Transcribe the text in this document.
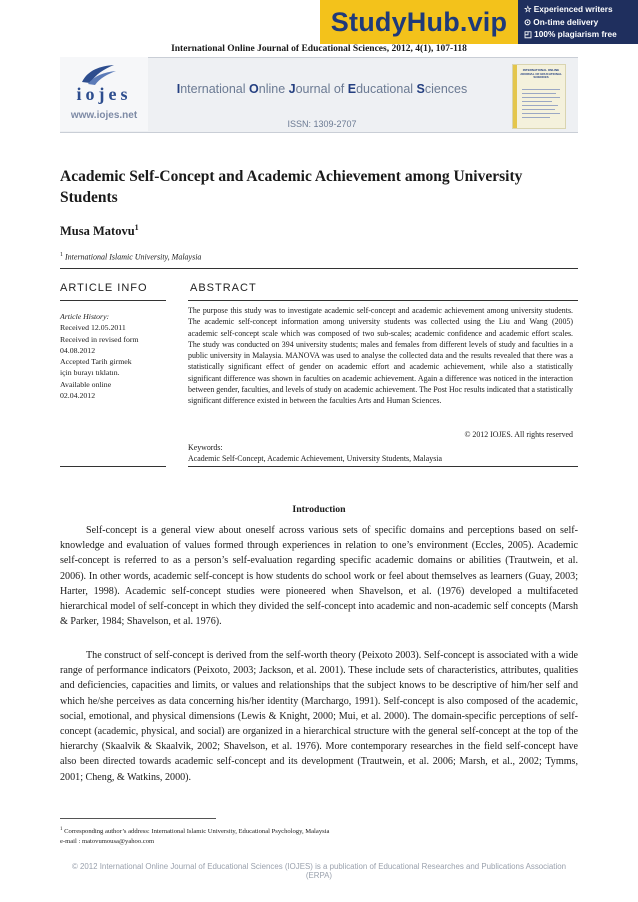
StudyHub.vip ☆ Experienced writers
⊙ On-time delivery
◰ 100% plagiarism free
International Online Journal of Educational Sciences, 2012, 4(1), 107-118
iojes
www.iojes.net
International Online Journal of Educational Sciences
ISSN: 1309-2707
INTERNATIONAL ONLINE JOURNAL OF EDUCATIONAL SCIENCES
Academic Self-Concept and Academic Achievement among University Students
Musa Matovu$^1$
$^1$ International Islamic University, Malaysia
ARTICLE INFO	ABSTRACT
Article History:
Received 12.05.2011
Received in revised form
04.08.2012
Accepted Tarih girmek
için burayı tıklatın.
Available online
02.04.2012
The purpose this study was to investigate academic self-concept and academic achievement among university students. The academic self-concept information among university students was collected using the Liu and Wang (2005) academic self-concept scale which was composed of two sub-scales; academic confidence and academic effort scales. The study was conducted on 394 university students; males and females from different levels of study and faculties in a public university in Malaysia. MANOVA was used to analyse the collected data and the results revealed that there was a statistically significant effect of gender on academic effort and academic achievement, while also a statistically significant difference was shown in faculties on academic achievement. Again a difference was noticed in the interaction between gender, faculties, and levels of study on academic achievement. The Post Hoc results indicated that a statistically significant difference existed in between the faculties Arts and Human Sciences.
© 2012 IOJES. All rights reserved
Keywords:
Academic Self-Concept, Academic Achievement, University Students, Malaysia
Introduction
Self-concept is a general view about oneself across various sets of specific domains and perceptions based on self-knowledge and evaluation of values formed through experiences in relation to one’s environment (Eccles, 2005). Academic self-concept is referred to as a person’s self-evaluation regarding specific academic domains or abilities (Trautwein, et al. 2006). In other words, academic self-concept is how students do school work or feel about themselves as learners (Guay, 2003; Harter, 1998). Academic self-concept studies were pioneered when Shavelson, et al. (1976) developed a multifaceted hierarchical model of self-concept in which they divided the self-concept into academic and non-academic self concepts (Marsh & Parker, 1984; Shavelson, et al. 1976).
The construct of self-concept is derived from the self-worth theory (Peixoto 2003). Self-concept is associated with a wide range of performance indicators (Peixoto, 2003; Jackson, et al. 2001). These include sets of characteristics, attributes, qualities and deficiencies, capacities and limits, or values and relationships that the subject knows to be descriptive of him/her self and which he/she perceives as data concerning his/her identity (Marchargo, 1991). Self-concept is also composed of the academic, social, emotional, and physical dimensions (Lewis & Knight, 2000; Mui, et al. 2000). The domain-specific perceptions of self-concept (academic, physical, and social) are organized in a hierarchical structure with the general self-concept at the top of the hierarchy (Skaalvik & Skaalvik, 2002; Shavelson, et al. 1976). More contemporary researches in the field self-concept have also been directed towards academic self-concept and its development (Trautwein, et al. 2006; Marsh, et al., 2002; Tymms, 2001; Cheng, & Watkins, 2000).
$^1$ Corresponding author’s address: International Islamic University, Educational Psychology, Malaysia
e-mail : matovumousa@yahoo.com
© 2012 International Online Journal of Educational Sciences (IOJES) is a publication of Educational Researches and Publications Association (ERPA)
